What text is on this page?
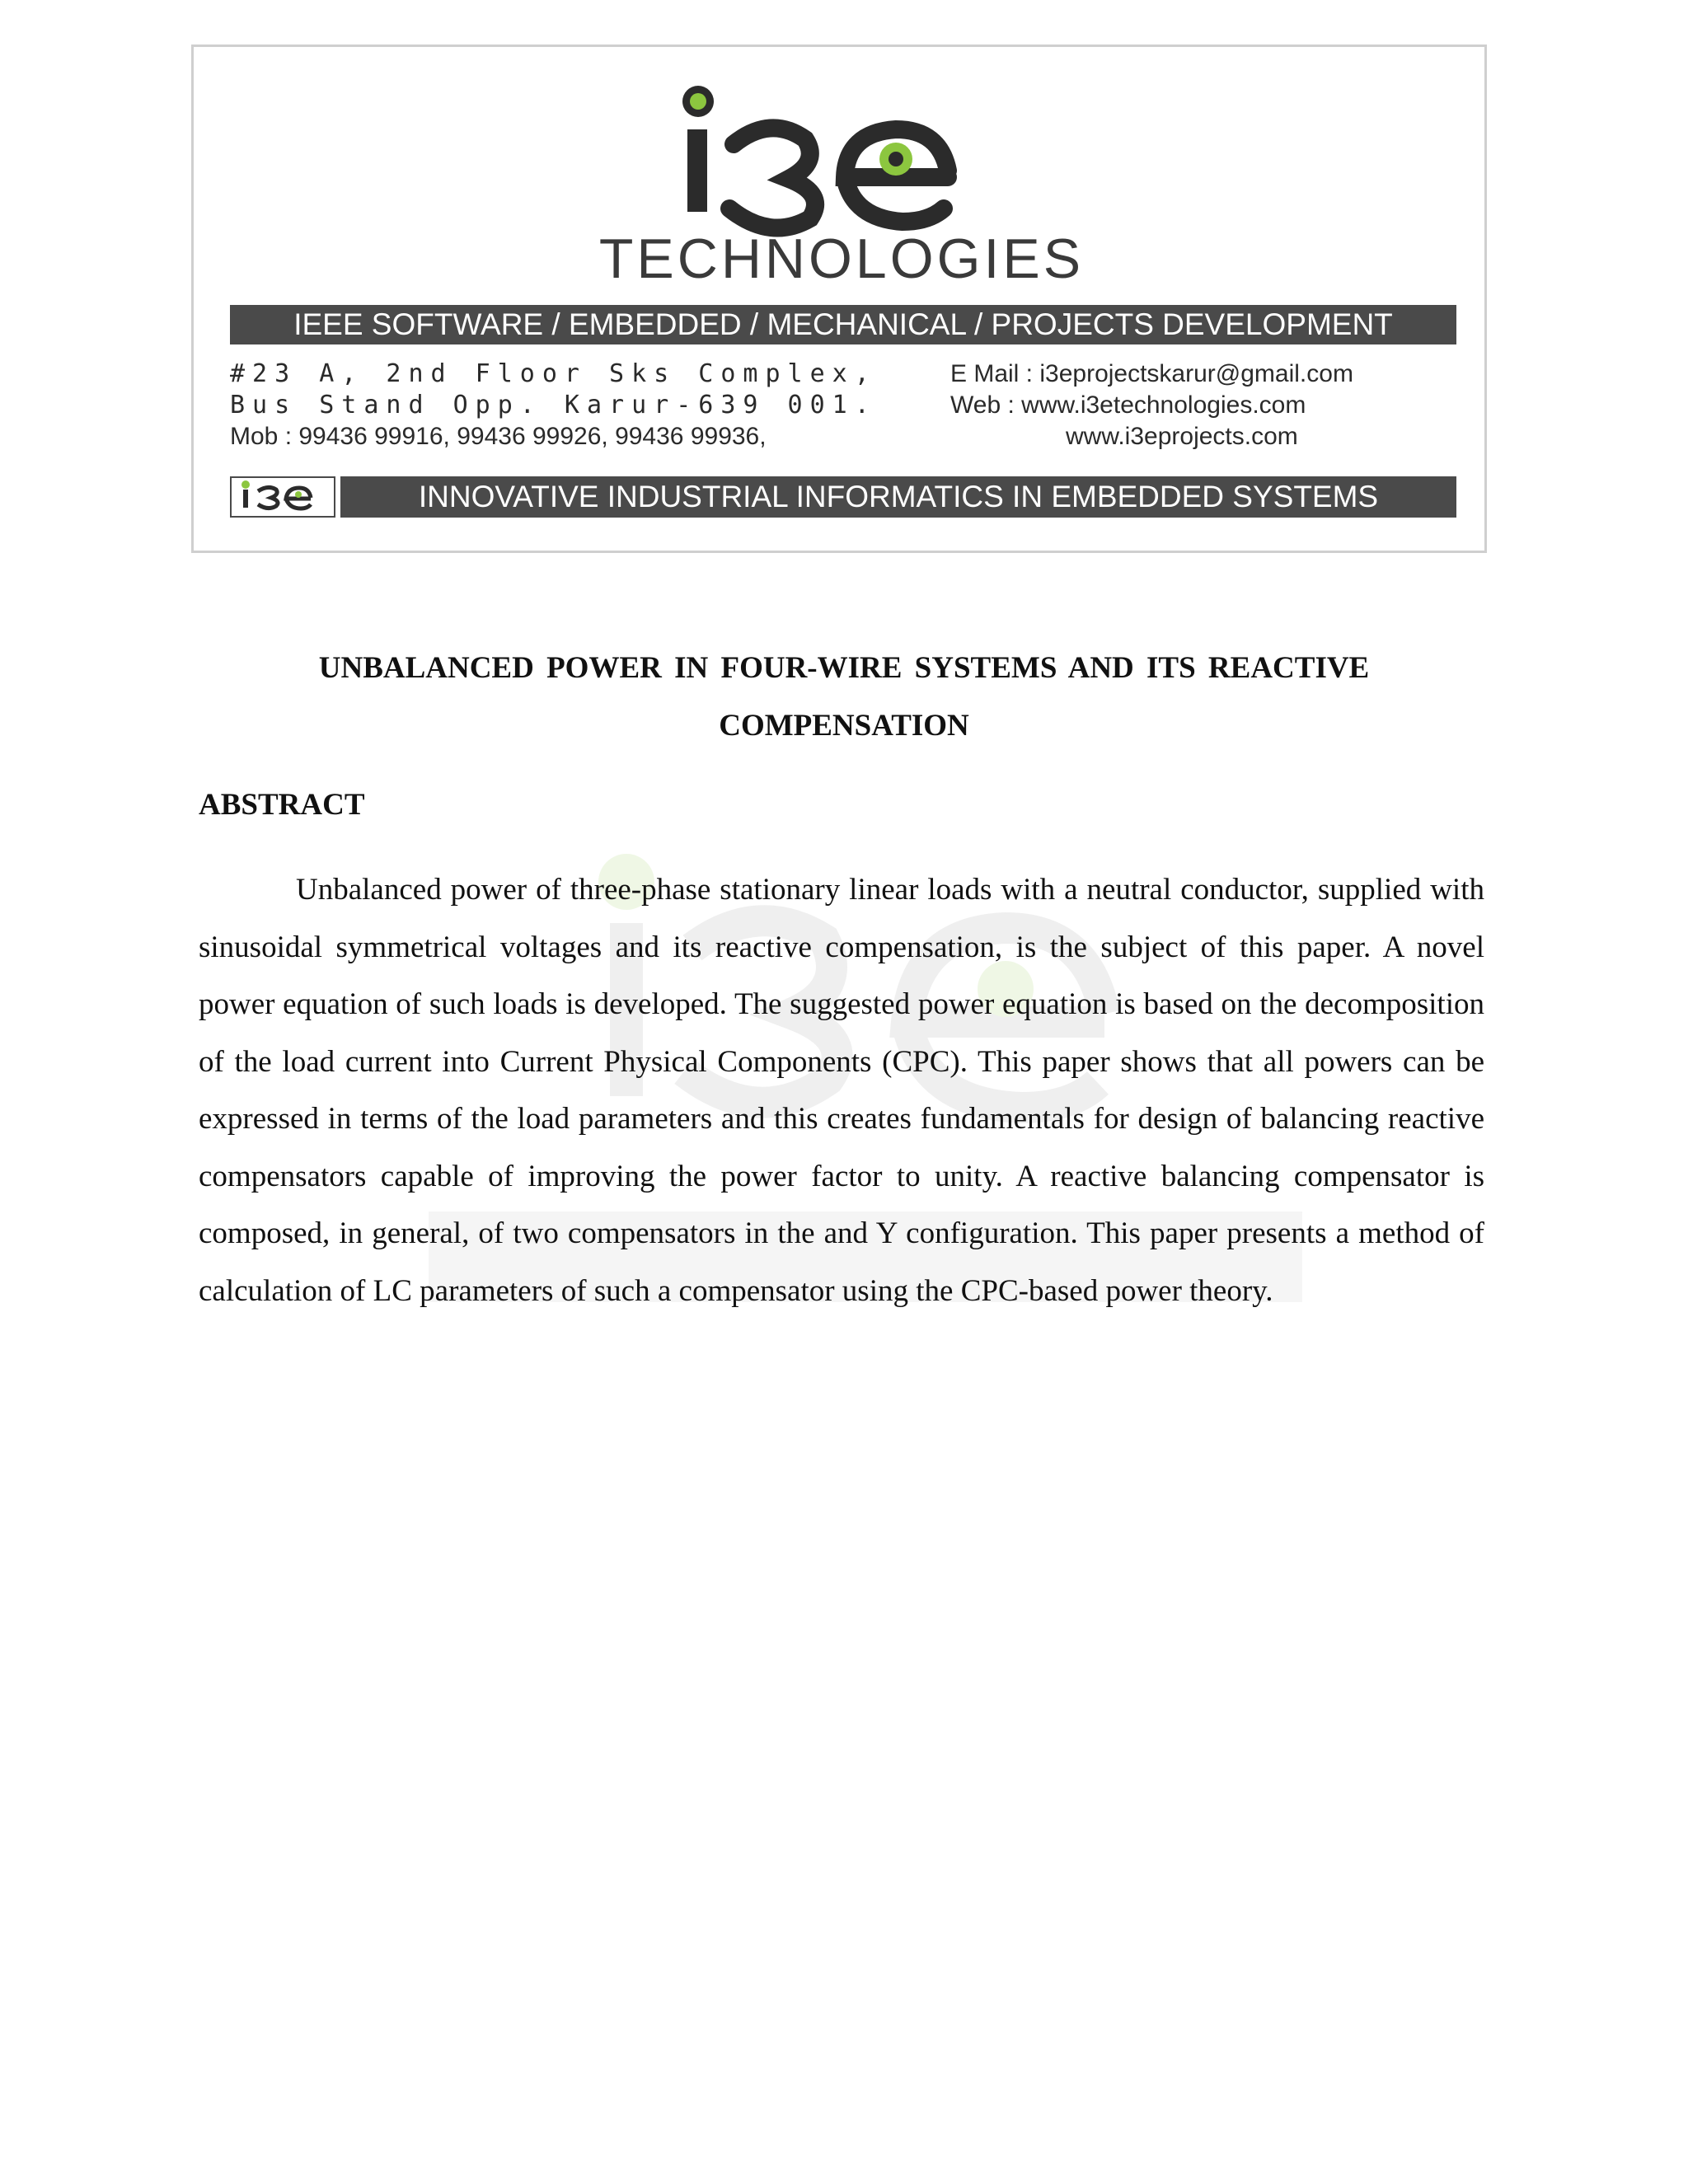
TECHNOLOGIES
IEEE SOFTWARE / EMBEDDED / MECHANICAL / PROJECTS DEVELOPMENT
#23 A, 2nd Floor Sks Complex,
Bus Stand Opp. Karur-639 001.
Mob : 99436 99916, 99436 99926, 99436 99936,
E Mail : i3eprojectskarur@gmail.com
Web : www.i3etechnologies.com
www.i3eprojects.com
INNOVATIVE INDUSTRIAL INFORMATICS IN EMBEDDED SYSTEMS
UNBALANCED POWER IN FOUR-WIRE SYSTEMS AND ITS REACTIVE
COMPENSATION
ABSTRACT
Unbalanced power of three-phase stationary linear loads with a neutral conductor, supplied with sinusoidal symmetrical voltages and its reactive compensation, is the subject of this paper. A novel power equation of such loads is developed. The suggested power equation is based on the decomposition of the load current into Current Physical Components (CPC). This paper shows that all powers can be expressed in terms of the load parameters and this creates fundamentals for design of balancing reactive compensators capable of improving the power factor to unity. A reactive balancing compensator is composed, in general, of two compensators in the and Y configuration. This paper presents a method of calculation of LC parameters of such a compensator using the CPC-based power theory.
